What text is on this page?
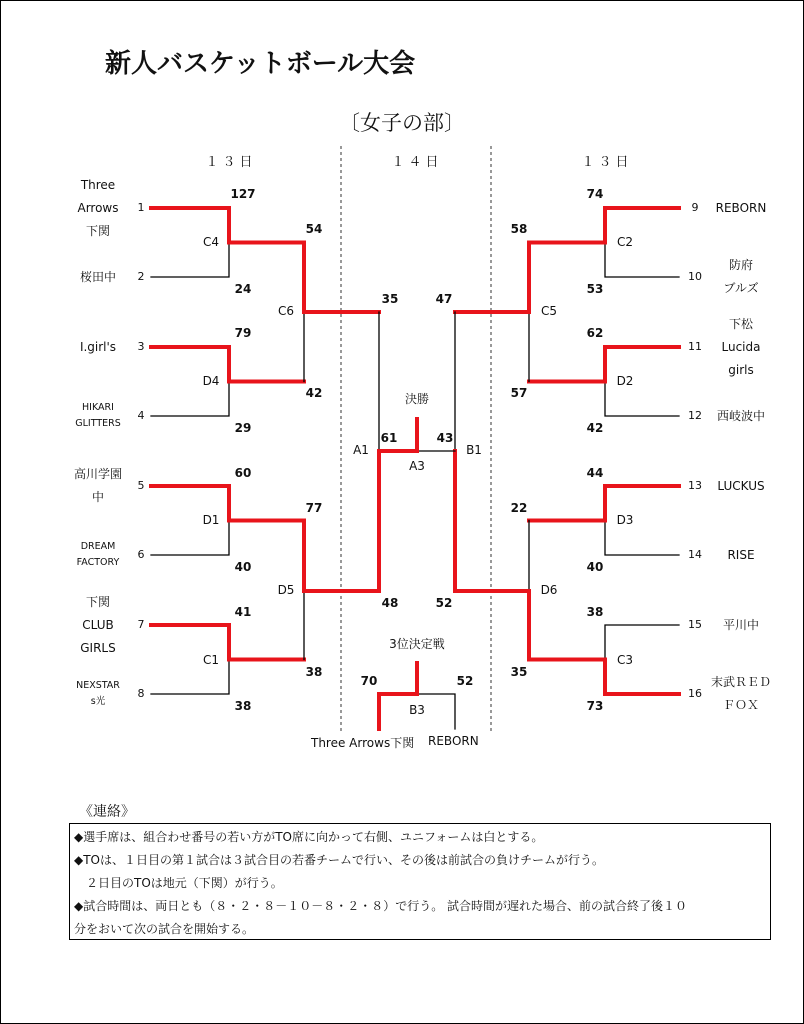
新人バスケットボール大会
〔女子の部〕
１３日	１４日	１３日
1
Three
Arrows
下関
2
桜田中
3
I.girl's
4
HIKARI
GLITTERS
5
高川学園
中
6
DREAM
FACTORY
7
下関
CLUB
GIRLS
8
NEXSTAR
s光
9	REBORN
10
防府
ブルズ
11
下松
Lucida
girls
12	西岐波中
13	LUCKUS
14	RISE
15	平川中
16
末武ＲＥＤ
ＦＯＸ
C4
127
24
D4
79
29
D1
60
40
C1
41
38
C2
74
53
D2
62
42
D3
44
40
C3
38
73
C6
54
42
D5
77
38
C5
58
57
D6
22
35
A1
35
48
B1
47
52
61	43
A3
70	52
B3
決勝
3位決定戦
Three Arrows下関 REBORN
《連絡》
◆選手席は、組合わせ番号の若い方がTO席に向かって右側、ユニフォームは白とする。
◆TOは、１日目の第１試合は３試合目の若番チームで行い、その後は前試合の負けチームが行う。
　２日目のTOは地元（下関）が行う。
◆試合時間は、両日とも（８・２・８－１０－８・２・８）で行う。 試合時間が遅れた場合、前の試合終了後１０
分をおいて次の試合を開始する。
